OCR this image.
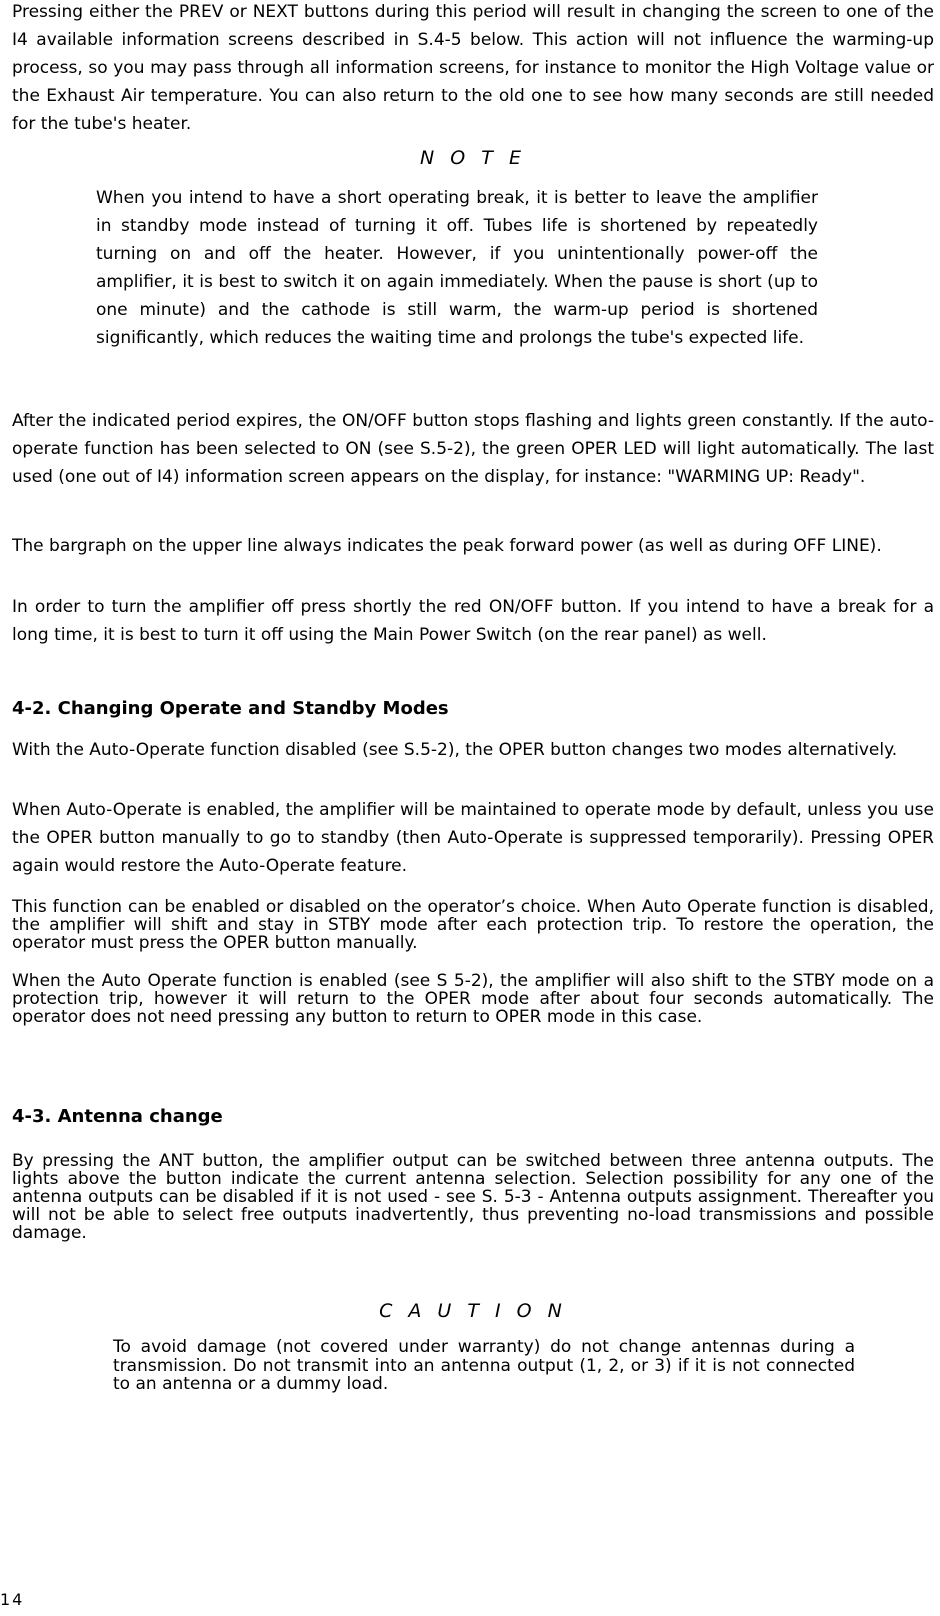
Pressing either the PREV or NEXT buttons during this period will result in changing the screen to one of the I4 available information screens described in S.4-5 below. This action will not influence the warming-up process, so you may pass through all information screens, for instance to monitor the High Voltage value or the Exhaust Air temperature. You can also return to the old one to see how many seconds are still needed for the tube's heater.

N O T E

When you intend to have a short operating break, it is better to leave the amplifier in standby mode instead of turning it off. Tubes life is shortened by repeatedly turning on and off the heater. However, if you unintentionally power-off the amplifier, it is best to switch it on again immediately. When the pause is short (up to one minute) and the cathode is still warm, the warm-up period is shortened significantly, which reduces the waiting time and prolongs the tube's expected life.

After the indicated period expires, the ON/OFF button stops flashing and lights green constantly. If the auto-operate function has been selected to ON (see S.5-2), the green OPER LED will light automatically. The last used (one out of I4) information screen appears on the display, for instance: "WARMING UP: Ready".

The bargraph on the upper line always indicates the peak forward power (as well as during OFF LINE).

In order to turn the amplifier off press shortly the red ON/OFF button. If you intend to have a break for a long time, it is best to turn it off using the Main Power Switch (on the rear panel) as well.

4-2. Changing Operate and Standby Modes

With the Auto-Operate function disabled (see S.5-2), the OPER button changes two modes alternatively.

When Auto-Operate is enabled, the amplifier will be maintained to operate mode by default, unless you use the OPER button manually to go to standby (then Auto-Operate is suppressed temporarily). Pressing OPER again would restore the Auto-Operate feature.

This function can be enabled or disabled on the operator’s choice. When Auto Operate function is disabled, the amplifier will shift and stay in STBY mode after each protection trip. To restore the operation, the operator must press the OPER button manually.

When the Auto Operate function is enabled (see S 5-2), the amplifier will also shift to the STBY mode on a protection trip, however it will return to the OPER mode after about four seconds automatically. The operator does not need pressing any button to return to OPER mode in this case.

4-3. Antenna change

By pressing the ANT button, the amplifier output can be switched between three antenna outputs. The lights above the button indicate the current antenna selection. Selection possibility for any one of the antenna outputs can be disabled if it is not used - see S. 5-3 - Antenna outputs assignment. Thereafter you will not be able to select free outputs inadvertently, thus preventing no-load transmissions and possible damage.

C A U T I O N

To avoid damage (not covered under warranty) do not change antennas during a transmission. Do not transmit into an antenna output (1, 2, or 3) if it is not connected to an antenna or a dummy load.

14
